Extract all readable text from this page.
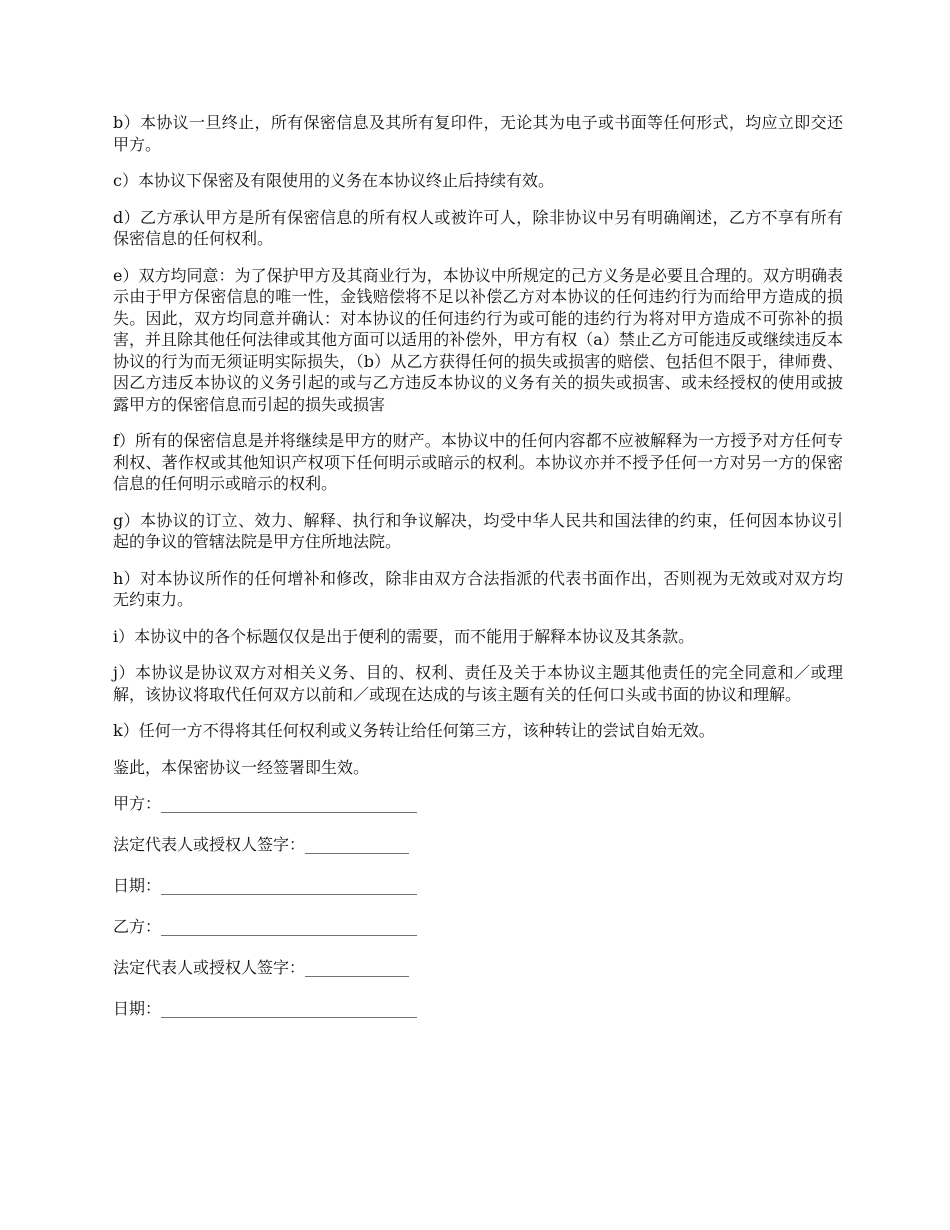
b）本协议一旦终止，所有保密信息及其所有复印件，无论其为电子或书面等任何形式，均应立即交还甲方。

c）本协议下保密及有限使用的义务在本协议终止后持续有效。

d）乙方承认甲方是所有保密信息的所有权人或被许可人，除非协议中另有明确阐述，乙方不享有所有保密信息的任何权利。

e）双方均同意：为了保护甲方及其商业行为，本协议中所规定的己方义务是必要且合理的。双方明确表示由于甲方保密信息的唯一性，金钱赔偿将不足以补偿乙方对本协议的任何违约行为而给甲方造成的损失。因此，双方均同意并确认：对本协议的任何违约行为或可能的违约行为将对甲方造成不可弥补的损害，并且除其他任何法律或其他方面可以适用的补偿外，甲方有权（a）禁止乙方可能违反或继续违反本协议的行为而无须证明实际损失，（b）从乙方获得任何的损失或损害的赔偿、包括但不限于，律师费、因乙方违反本协议的义务引起的或与乙方违反本协议的义务有关的损失或损害、或未经授权的使用或披露甲方的保密信息而引起的损失或损害

f）所有的保密信息是并将继续是甲方的财产。本协议中的任何内容都不应被解释为一方授予对方任何专利权、著作权或其他知识产权项下任何明示或暗示的权利。本协议亦并不授予任何一方对另一方的保密信息的任何明示或暗示的权利。

g）本协议的订立、效力、解释、执行和争议解决，均受中华人民共和国法律的约束，任何因本协议引起的争议的管辖法院是甲方住所地法院。

h）对本协议所作的任何增补和修改，除非由双方合法指派的代表书面作出，否则视为无效或对双方均无约束力。

i）本协议中的各个标题仅仅是出于便利的需要，而不能用于解释本协议及其条款。

j）本协议是协议双方对相关义务、目的、权利、责任及关于本协议主题其他责任的完全同意和／或理解，该协议将取代任何双方以前和／或现在达成的与该主题有关的任何口头或书面的协议和理解。

k）任何一方不得将其任何权利或义务转让给任何第三方，该种转让的尝试自始无效。

鉴此，本保密协议一经签署即生效。

甲方：________________________________
法定代表人或授权人签字：_____________
日期：________________________________
乙方：________________________________
法定代表人或授权人签字：_____________
日期：________________________________
